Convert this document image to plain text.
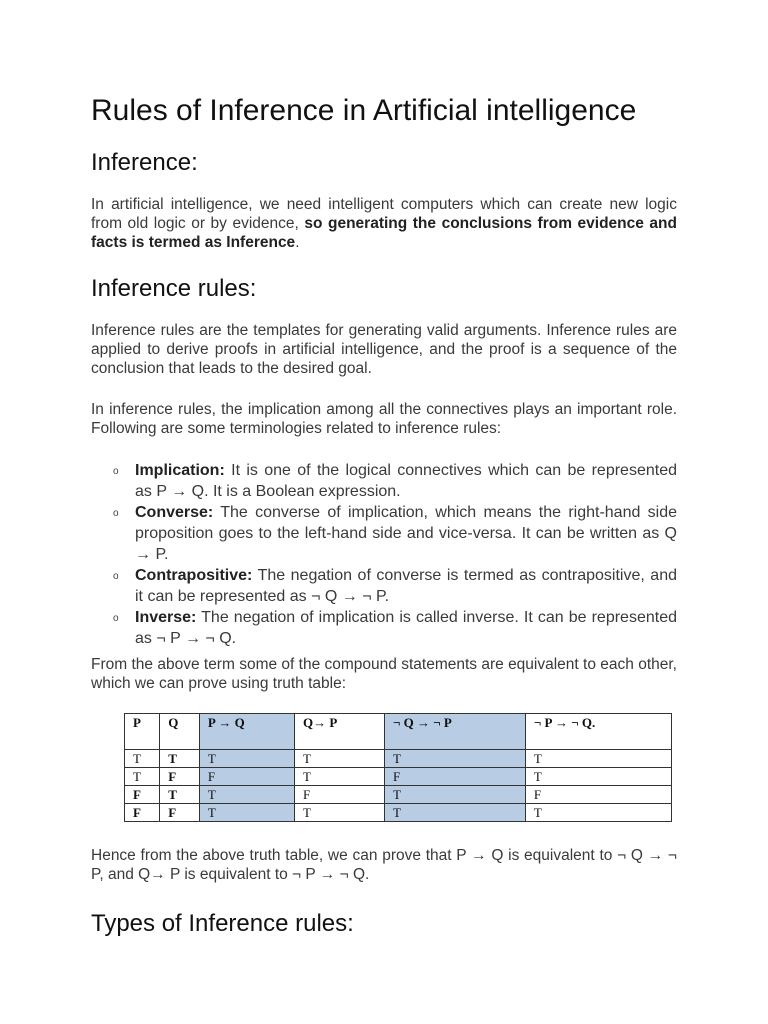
Rules of Inference in Artificial intelligence
Inference:

In artificial intelligence, we need intelligent computers which can create new logic from old logic or by evidence, so generating the conclusions from evidence and facts is termed as Inference.

Inference rules:

Inference rules are the templates for generating valid arguments. Inference rules are applied to derive proofs in artificial intelligence, and the proof is a sequence of the conclusion that leads to the desired goal.

In inference rules, the implication among all the connectives plays an important role. Following are some terminologies related to inference rules:

o Implication: It is one of the logical connectives which can be represented as P → Q. It is a Boolean expression.
o Converse: The converse of implication, which means the right-hand side proposition goes to the left-hand side and vice-versa. It can be written as Q → P.
o Contrapositive: The negation of converse is termed as contrapositive, and it can be represented as ¬ Q → ¬ P.
o Inverse: The negation of implication is called inverse. It can be represented as ¬ P → ¬ Q.

From the above term some of the compound statements are equivalent to each other, which we can prove using truth table:

P	Q	P → Q	Q→ P	¬ Q → ¬ P	¬ P → ¬ Q.
T	T	T	T	T	T
T	F	F	T	F	T
F	T	T	F	T	F
F	F	T	T	T	T

Hence from the above truth table, we can prove that P → Q is equivalent to ¬ Q → ¬ P, and Q→ P is equivalent to ¬ P → ¬ Q.

Types of Inference rules:
